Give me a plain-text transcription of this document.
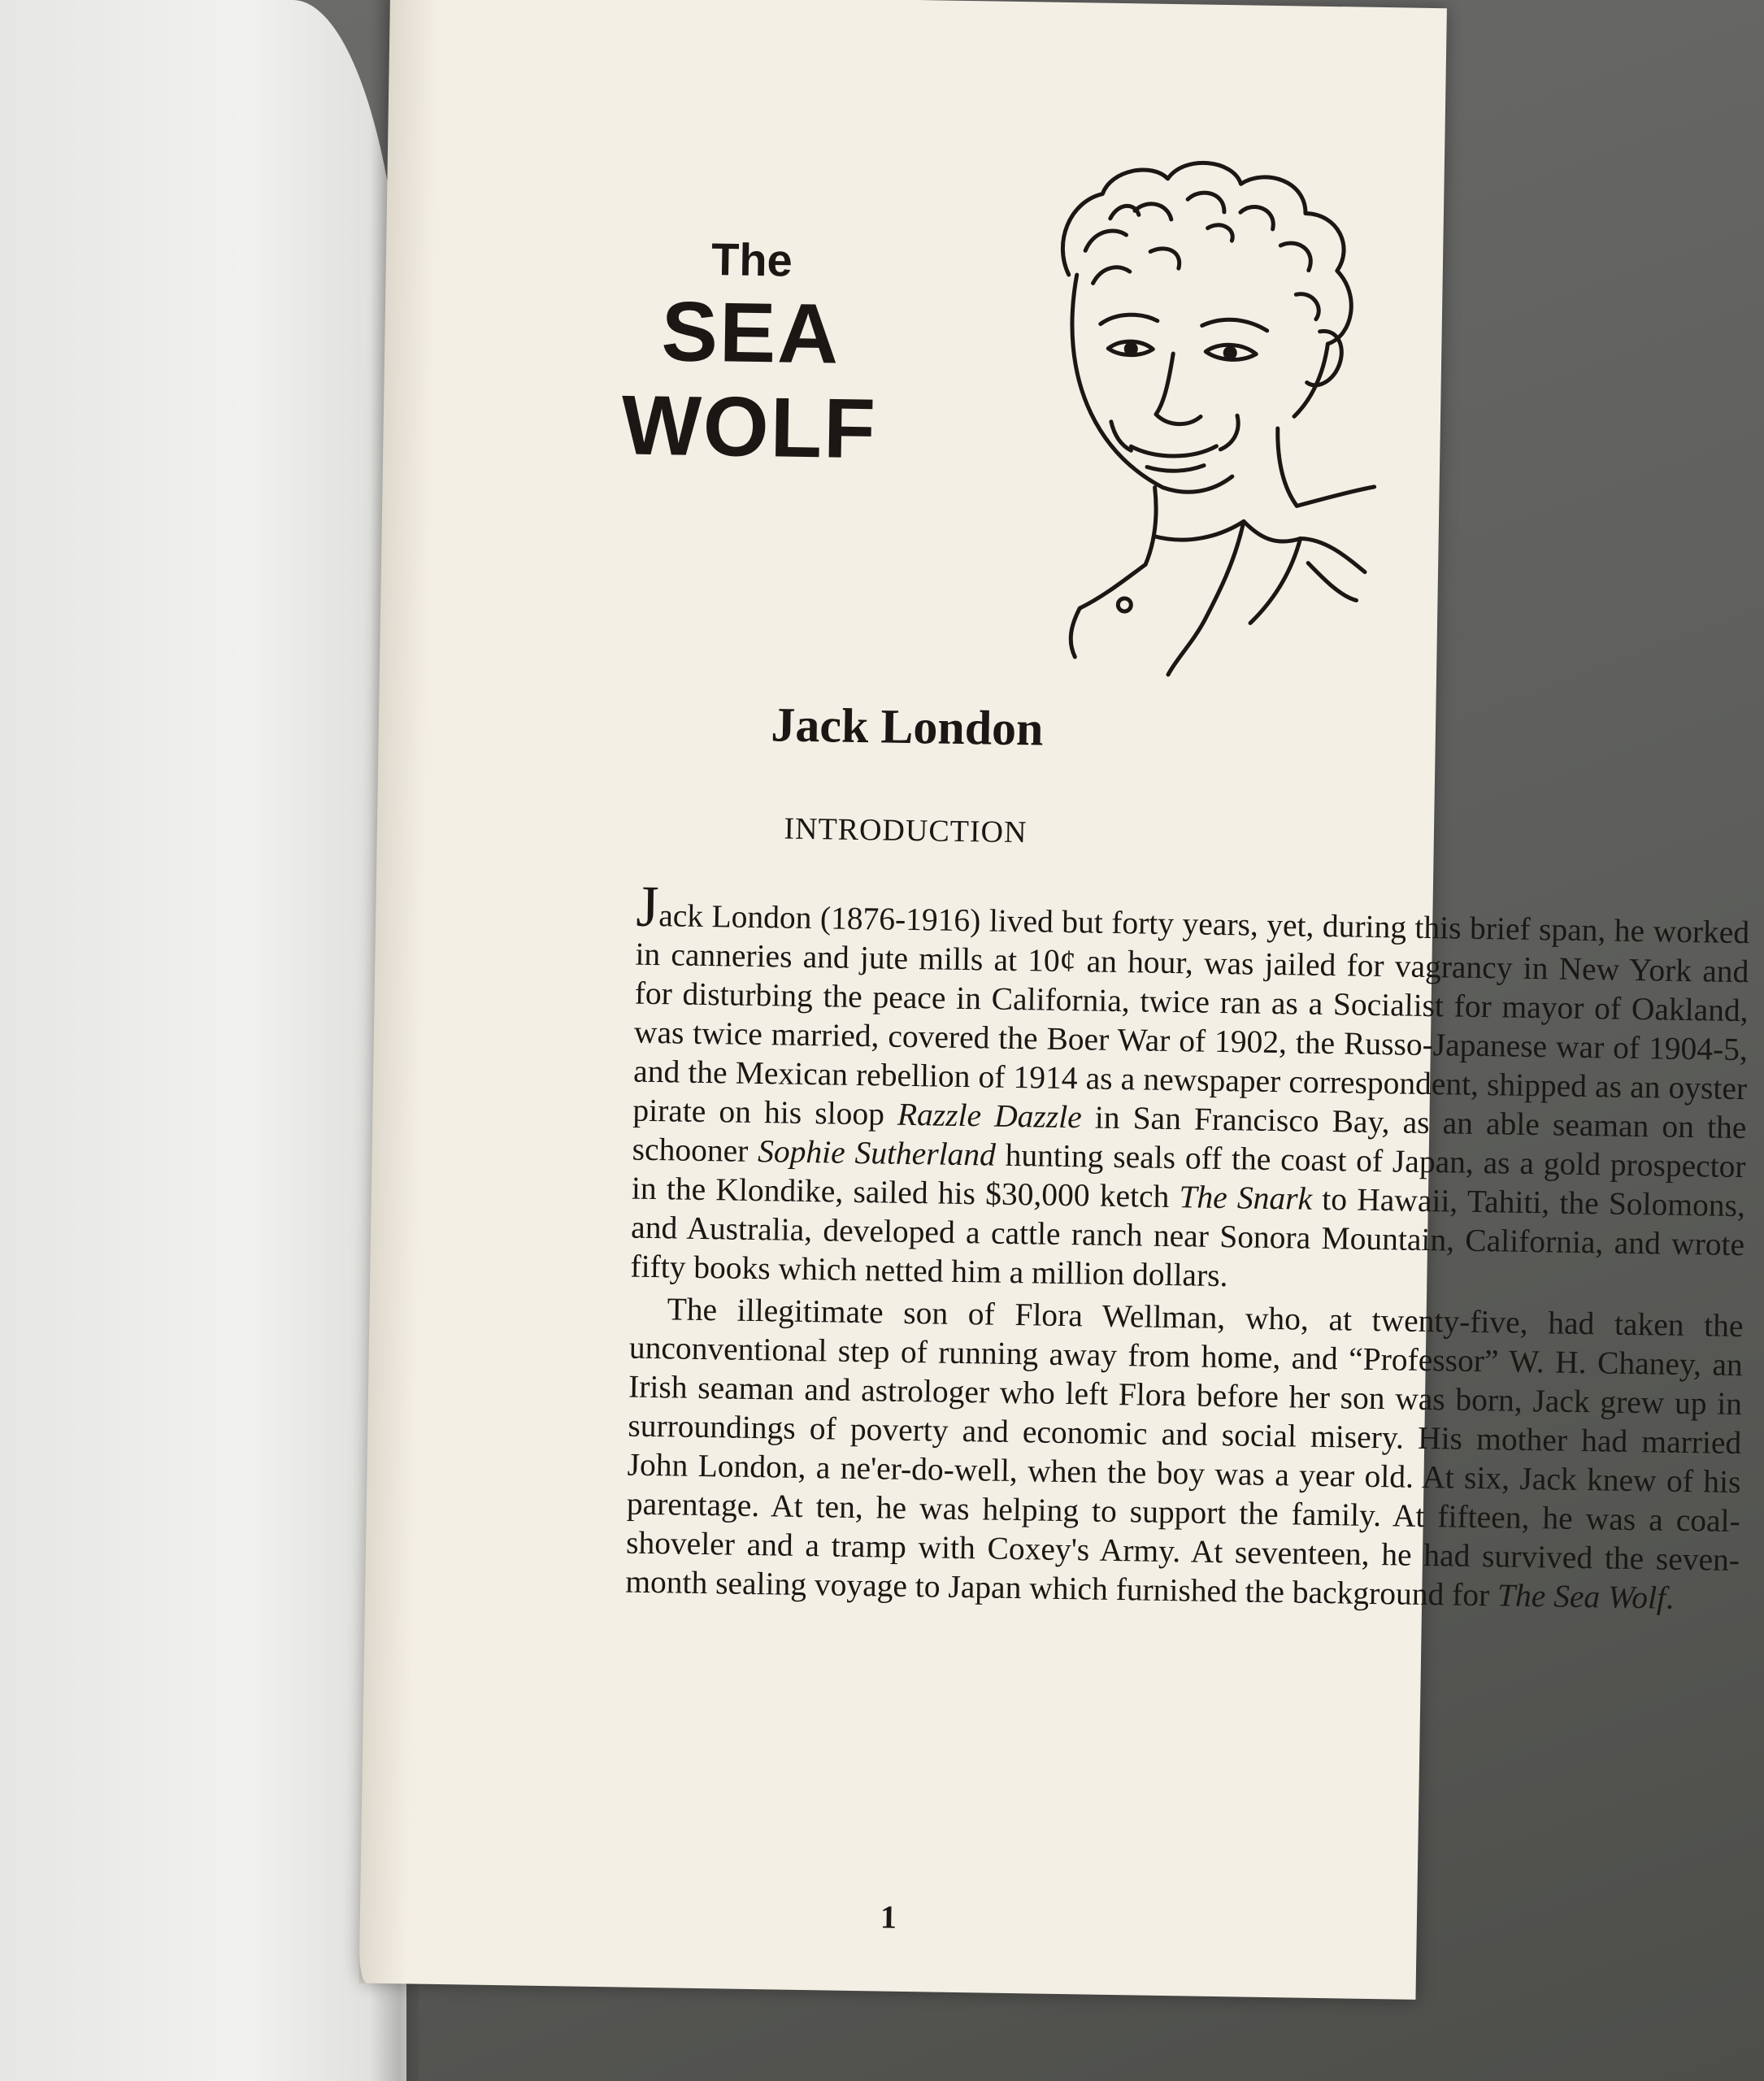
The
SEA
WOLF
Jack London
INTRODUCTION

Jack London (1876-1916) lived but forty years, yet, during this brief span, he worked in canneries and jute mills at 10¢ an hour, was jailed for vagrancy in New York and for disturbing the peace in California, twice ran as a Socialist for mayor of Oakland, was twice married, covered the Boer War of 1902, the Russo-Japanese war of 1904-5, and the Mexican rebellion of 1914 as a newspaper correspondent, shipped as an oyster pirate on his sloop Razzle Dazzle in San Francisco Bay, as an able seaman on the schooner Sophie Sutherland hunting seals off the coast of Japan, as a gold prospector in the Klondike, sailed his $30,000 ketch The Snark to Hawaii, Tahiti, the Solomons, and Australia, developed a cattle ranch near Sonora Mountain, California, and wrote fifty books which netted him a million dollars.

The illegitimate son of Flora Wellman, who, at twenty-five, had taken the unconventional step of running away from home, and “Professor” W. H. Chaney, an Irish seaman and astrologer who left Flora before her son was born, Jack grew up in surroundings of poverty and economic and social misery. His mother had married John London, a ne'er-do-well, when the boy was a year old. At six, Jack knew of his parentage. At ten, he was helping to support the family. At fifteen, he was a coal-shoveler and a tramp with Coxey's Army. At seventeen, he had survived the seven-month sealing voyage to Japan which furnished the background for The Sea Wolf.

1
